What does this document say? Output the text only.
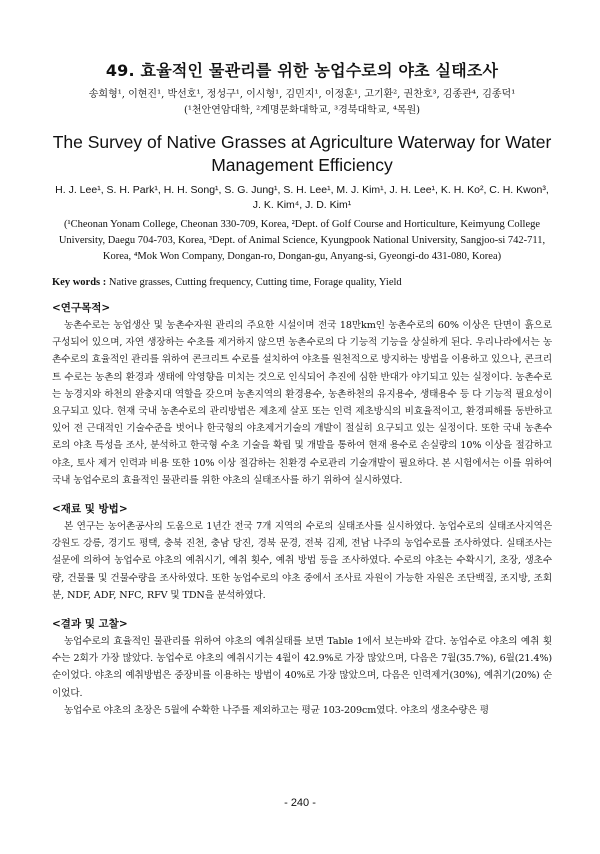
49. 효율적인 물관리를 위한 농업수로의 야초 실태조사

송희형¹, 이현진¹, 박선호¹, 정성구¹, 이시형¹, 김민지¹, 이정훈¹, 고기환², 권찬호³, 김종관⁴, 김종덕¹

(¹천안연암대학, ²계명문화대학교, ³경북대학교, ⁴목원)

The Survey of Native Grasses at Agriculture Waterway for Water Management Efficiency

H. J. Lee¹, S. H. Park¹, H. H. Song¹, S. G. Jung¹, S. H. Lee¹, M. J. Kim¹, J. H. Lee¹, K. H. Ko², C. H. Kwon³, J. K. Kim⁴, J. D. Kim¹

(¹Cheonan Yonam College, Cheonan 330-709, Korea, ²Dept. of Golf Course and Horticulture, Keimyung College University, Daegu 704-703, Korea, ³Dept. of Animal Science, Kyungpook National University, Sangjoo-si 742-711, Korea, ⁴Mok Won Company, Dongan-ro, Dongan-gu, Anyang-si, Gyeongi-do 431-080, Korea)

Key words : Native grasses, Cutting frequency, Cutting time, Forage quality, Yield

<연구목적>

농촌수로는 농업생산 및 농촌수자원 관리의 주요한 시설이며 전국 18만km인 농촌수로의 60% 이상은 단면이 흙으로 구성되어 있으며, 자연 생장하는 수초를 제거하지 않으면 농촌수로의 다 기능적 기능을 상실하게 된다. 우리나라에서는 농촌수로의 효율적인 관리를 위하여 콘크리트 수로를 설치하여 야초를 원천적으로 방지하는 방법을 이용하고 있으나, 콘크리트 수로는 농촌의 환경과 생태에 악영향을 미치는 것으로 인식되어 추진에 심한 반대가 야기되고 있는 실정이다. 농촌수로는 농경지와 하천의 완충지대 역할을 갖으며 농촌지역의 환경용수, 농촌하천의 유지용수, 생태용수 등 다 기능적 필요성이 요구되고 있다. 현재 국내 농촌수로의 관리방법은 제초제 살포 또는 인력 제초방식의 비효율적이고, 환경피해를 동반하고 있어 전 근대적인 기술수준을 벗어나 한국형의 야초제거기술의 개발이 절실히 요구되고 있는 실정이다. 또한 국내 농촌수로의 야초 특성을 조사, 분석하고 한국형 수초 기술을 확립 및 개발을 통하여 현재 용수로 손실량의 10% 이상을 절감하고 야초, 토사 제거 인력과 비용 또한 10% 이상 절감하는 친환경 수로관리 기술개발이 필요하다. 본 시험에서는 이를 위하여 국내 농업수로의 효율적인 물관리를 위한 야초의 실태조사를 하기 위하여 실시하였다.

<재료 및 방법>

본 연구는 농어촌공사의 도움으로 1년간 전국 7개 지역의 수로의 실태조사를 실시하였다. 농업수로의 실태조사지역은 강원도 강릉, 경기도 평택, 충북 진천, 충남 당진, 경북 문경, 전북 김제, 전남 나주의 농업수로를 조사하였다. 실태조사는 설문에 의하여 농업수로 야초의 예취시기, 예취 횟수, 예취 방법 등을 조사하였다. 수로의 야초는 수확시기, 초장, 생초수량, 건물률 및 건물수량을 조사하였다. 또한 농업수로의 야초 중에서 조사료 자원이 가능한 자원은 조단백질, 조지방, 조회분, NDF, ADF, NFC, RFV 및 TDN을 분석하였다.

<결과 및 고찰>

농업수로의 효율적인 물관리를 위하여 야초의 예취실태를 보면 Table 1에서 보는바와 같다. 농업수로 야초의 예취 횟수는 2회가 가장 많았다. 농업수로 야초의 예취시기는 4월이 42.9%로 가장 많았으며, 다음은 7월(35.7%), 6월(21.4%) 순이었다. 야초의 예취방법은 중장비를 이용하는 방법이 40%로 가장 많았으며, 다음은 인력제거(30%), 예취기(20%) 순이었다.

농업수로 야초의 초장은 5월에 수확한 나주를 제외하고는 평균 103-209cm였다. 야초의 생초수량은 평

- 240 -
